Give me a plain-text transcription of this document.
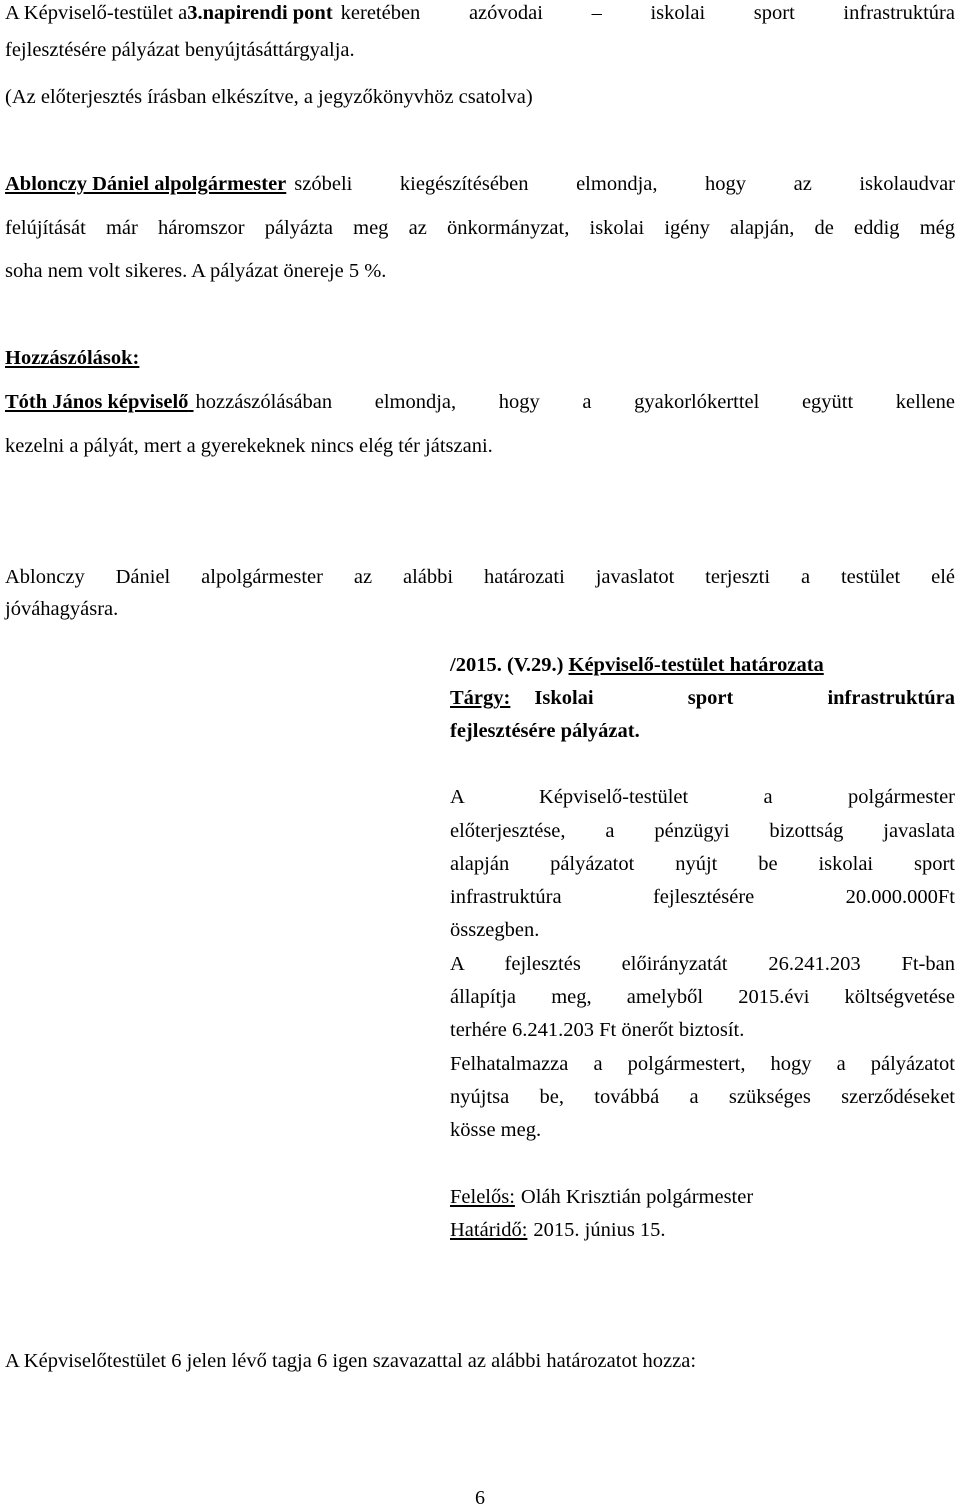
A Képviselő-testület a3.napirendi pont keretében azóvodai – iskolai sport infrastruktúra
fejlesztésére pályázat benyújtásáttárgyalja.
(Az előterjesztés írásban elkészítve, a jegyzőkönyvhöz csatolva)
Ablonczy Dániel alpolgármester szóbeli kiegészítésében elmondja, hogy az iskolaudvar
felújítását már háromszor pályázta meg az önkormányzat, iskolai igény alapján, de eddig még
soha nem volt sikeres. A pályázat önereje 5 %.
Hozzászólások:
Tóth János képviselő
hozzászólásában elmondja, hogy a gyakorlókerttel együtt kellene
kezelni a pályát, mert a gyerekeknek nincs elég tér játszani.
Ablonczy Dániel alpolgármester az alábbi határozati javaslatot terjeszti a testület elé
jóváhagyásra.
/2015. (V.29.) Képviselő-testület határozata
Tárgy:	Iskolai sport infrastruktúra
fejlesztésére pályázat.
A Képviselő-testület a polgármester
előterjesztése, a pénzügyi bizottság javaslata
alapján pályázatot nyújt be iskolai sport
infrastruktúra fejlesztésére 20.000.000Ft
összegben.
A fejlesztés előirányzatát 26.241.203 Ft-ban
állapítja meg, amelyből 2015.évi költségvetése
terhére 6.241.203 Ft önerőt biztosít.
Felhatalmazza a polgármestert, hogy a pályázatot
nyújtsa be, továbbá a szükséges szerződéseket
kösse meg.
Felelős: Oláh Krisztián polgármester
Határidő: 2015. június 15.
A Képviselőtestület 6 jelen lévő tagja 6 igen szavazattal az alábbi határozatot hozza:
6
